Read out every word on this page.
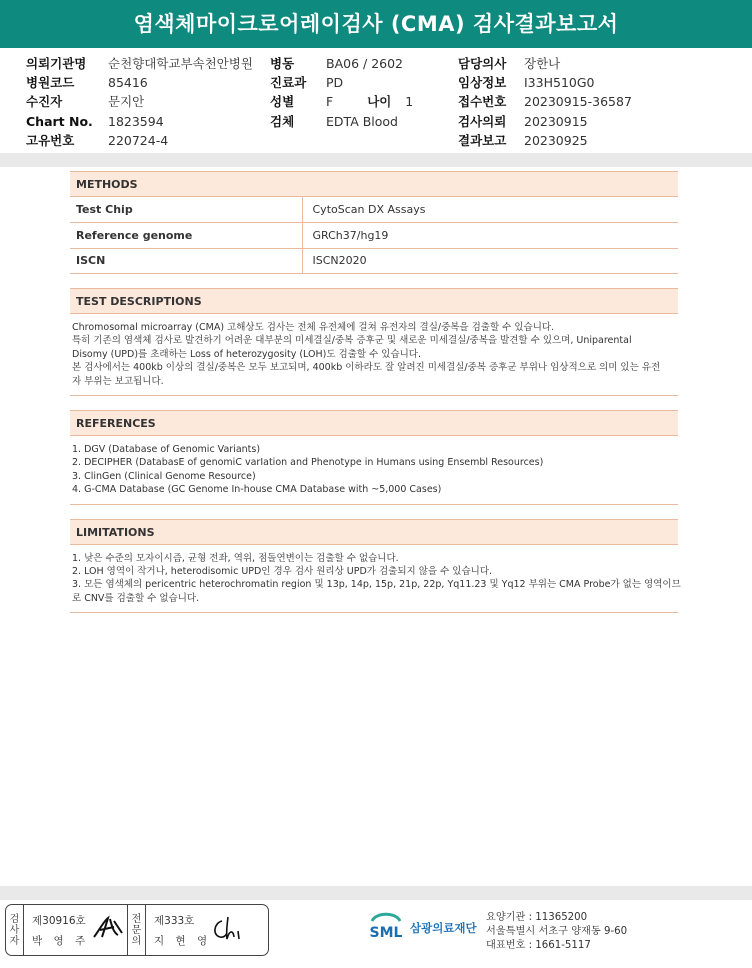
염색체마이크로어레이검사 (CMA) 검사결과보고서
의뢰기관명	순천향대학교부속천안병원
병원코드	85416
수진자	문지안
Chart No.	1823594
고유번호	220724-4
병동	BA06 / 2602
진료과	PD
성별	F	나이	1
검체	EDTA Blood
담당의사	장한나
임상정보	I33H510G0
접수번호	20230915-36587
검사의뢰	20230915
결과보고	20230925
METHODS
Test Chip	CytoScan DX Assays
Reference genome	GRCh37/hg19
ISCN	ISCN2020
TEST DESCRIPTIONS
Chromosomal microarray (CMA) 고해상도 검사는 전체 유전체에 걸쳐 유전자의 결실/중복을 검출할 수 있습니다.
특히 기존의 염색체 검사로 발견하기 어려운 대부분의 미세결실/중복 증후군 및 새로운 미세결실/중복을 발견할 수 있으며, Uniparental
Disomy (UPD)를 초래하는 Loss of heterozygosity (LOH)도 검출할 수 있습니다.
본 검사에서는 400kb 이상의 결실/중복은 모두 보고되며, 400kb 이하라도 잘 알려진 미세결실/중복 증후군 부위나 임상적으로 의미 있는 유전
자 부위는 보고됩니다.
REFERENCES
1. DGV (Database of Genomic Variants)
2. DECIPHER (DatabasE of genomiC varIation and Phenotype in Humans using Ensembl Resources)
3. ClinGen (Clinical Genome Resource)
4. G-CMA Database (GC Genome In-house CMA Database with ~5,000 Cases)
LIMITATIONS
1. 낮은 수준의 모자이시즘, 균형 전좌, 역위, 점돌연변이는 검출할 수 없습니다.
2. LOH 영역이 작거나, heterodisomic UPD인 경우 검사 원리상 UPD가 검출되지 않을 수 있습니다.
3. 모든 염색체의 pericentric heterochromatin region 및 13p, 14p, 15p, 21p, 22p, Yq11.23 및 Yq12 부위는 CMA Probe가 없는 영역이므
로 CNV를 검출할 수 없습니다.
검
사
자
제30916호
박 영 주
전
문
의
제333호
지 현 영	SML 삼광의료재단
요양기관 : 11365200
서울특별시 서초구 양재동 9-60
대표번호 : 1661-5117
